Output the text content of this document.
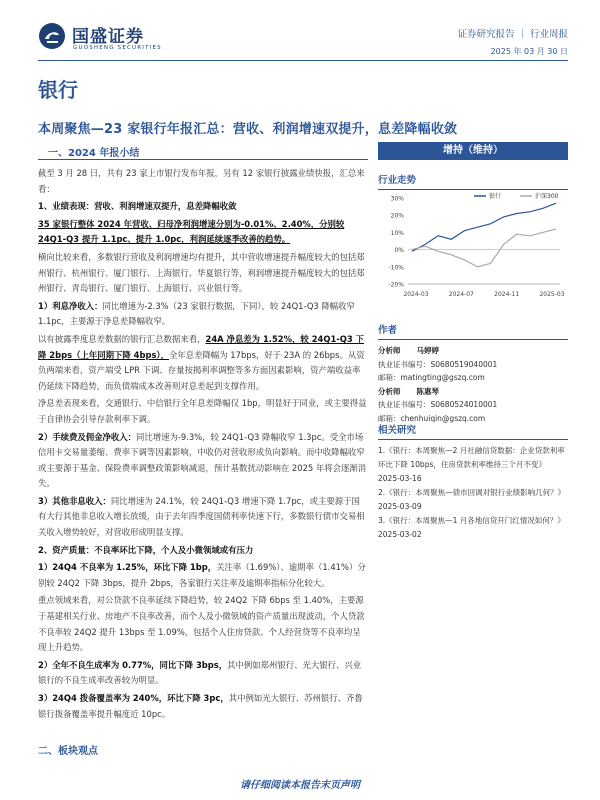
国盛证券
GUOSHENG SECURITIES
证券研究报告 ｜ 行业周报
2025 年 03 月 30 日
银行
本周聚焦—23 家银行年报汇总：营收、利润增速双提升，息差降幅收敛
一、2024 年报小结

截至 3 月 28 日，共有 23 家上市银行发布年报，另有 12 家银行披露业绩快报，汇总来看：

1、业绩表现：营收、利润增速双提升，息差降幅收敛

35 家银行整体 2024 年营收、归母净利润增速分别为-0.01%、2.40%，分别较 24Q1-Q3 提升 1.1pc、提升 1.0pc，利润延续逐季改善的趋势。

横向比较来看，多数银行营收及利润增速均有提升，其中营收增速提升幅度较大的包括郑州银行、杭州银行、厦门银行、上海银行、华夏银行等，利润增速提升幅度较大的包括郑州银行、青岛银行、厦门银行、上海银行、兴业银行等。

1）利息净收入：同比增速为-2.3%（23 家银行数据，下同），较 24Q1-Q3 降幅收窄 1.1pc，主要源于净息差降幅收窄。

以有披露季度息差数据的银行汇总数据来看，24A 净息差为 1.52%，较 24Q1-Q3 下降 2bps（上年同期下降 4bps），全年息差降幅为 17bps，好于 23A 的 26bps。从资负两端来看，资产端受 LPR 下调、存量按揭利率调整等多方面因素影响，资产端收益率仍延续下降趋势，而负债端成本改善则对息差起到支撑作用。

净息差表现来看，交通银行、中信银行全年息差降幅仅 1bp，明显好于同业，或主要得益于自律协会引导存款利率下调。

2）手续费及佣金净收入：同比增速为-9.3%，较 24Q1-Q3 降幅收窄 1.3pc。受全市场信用卡交易量萎缩、费率下调等因素影响，中收仍对营收形成负向影响。而中收降幅收窄或主要源于基金、保险费率调整政策影响减退，预计基数扰动影响在 2025 年将会逐渐消失。

3）其他非息收入：同比增速为 24.1%，较 24Q1-Q3 增速下降 1.7pc，或主要源于国有大行其他非息收入增长放缓，由于去年四季度国债利率快速下行，多数银行债市交易相关收入增势较好，对营收形成明显支撑。

2、资产质量：不良率环比下降，个人及小微领域或有压力

1）24Q4 不良率为 1.25%，环比下降 1bp，关注率（1.69%）、逾期率（1.41%）分别较 24Q2 下降 3bps，提升 2bps，各家银行关注率及逾期率指标分化较大。

重点领域来看，对公贷款不良率延续下降趋势，较 24Q2 下降 6bps 至 1.40%，主要源于基建相关行业、房地产不良率改善，而个人及小微领域的资产质量出现波动，个人贷款不良率较 24Q2 提升 13bps 至 1.09%，包括个人住房贷款、个人经营贷等不良率均呈现上升趋势。

2）全年不良生成率为 0.77%，同比下降 3bps，其中例如郑州银行、光大银行、兴业银行的不良生成率改善较为明显。

3）24Q4 拨备覆盖率为 240%，环比下降 3pc，其中例如光大银行、苏州银行、齐鲁银行拨备覆盖率提升幅度近 10pc。

增持（维持）
行业走势
30%
20%
10%
0%
-10%
-20%
2024-03	2024-07	2024-11	2025-03
银行	沪深300
作者
分析师 马婷婷
执业证书编号：S0680519040001
邮箱：matingting@gszq.com
分析师 陈惠琴
执业证书编号：S0680524010001
邮箱：chenhuiqin@gszq.com
相关研究
1.《银行：本周聚焦—2 月社融信贷数据：企业贷款利率环比下降 10bps，住房贷款利率维持三个月不变》
2025-03-16
2.《银行：本周聚焦—债市回调对银行业绩影响几何？》
2025-03-09
3.《银行：本周聚焦—1 月各地信贷开门红情况如何？》
2025-03-02
二、板块观点
请仔细阅读本报告末页声明
